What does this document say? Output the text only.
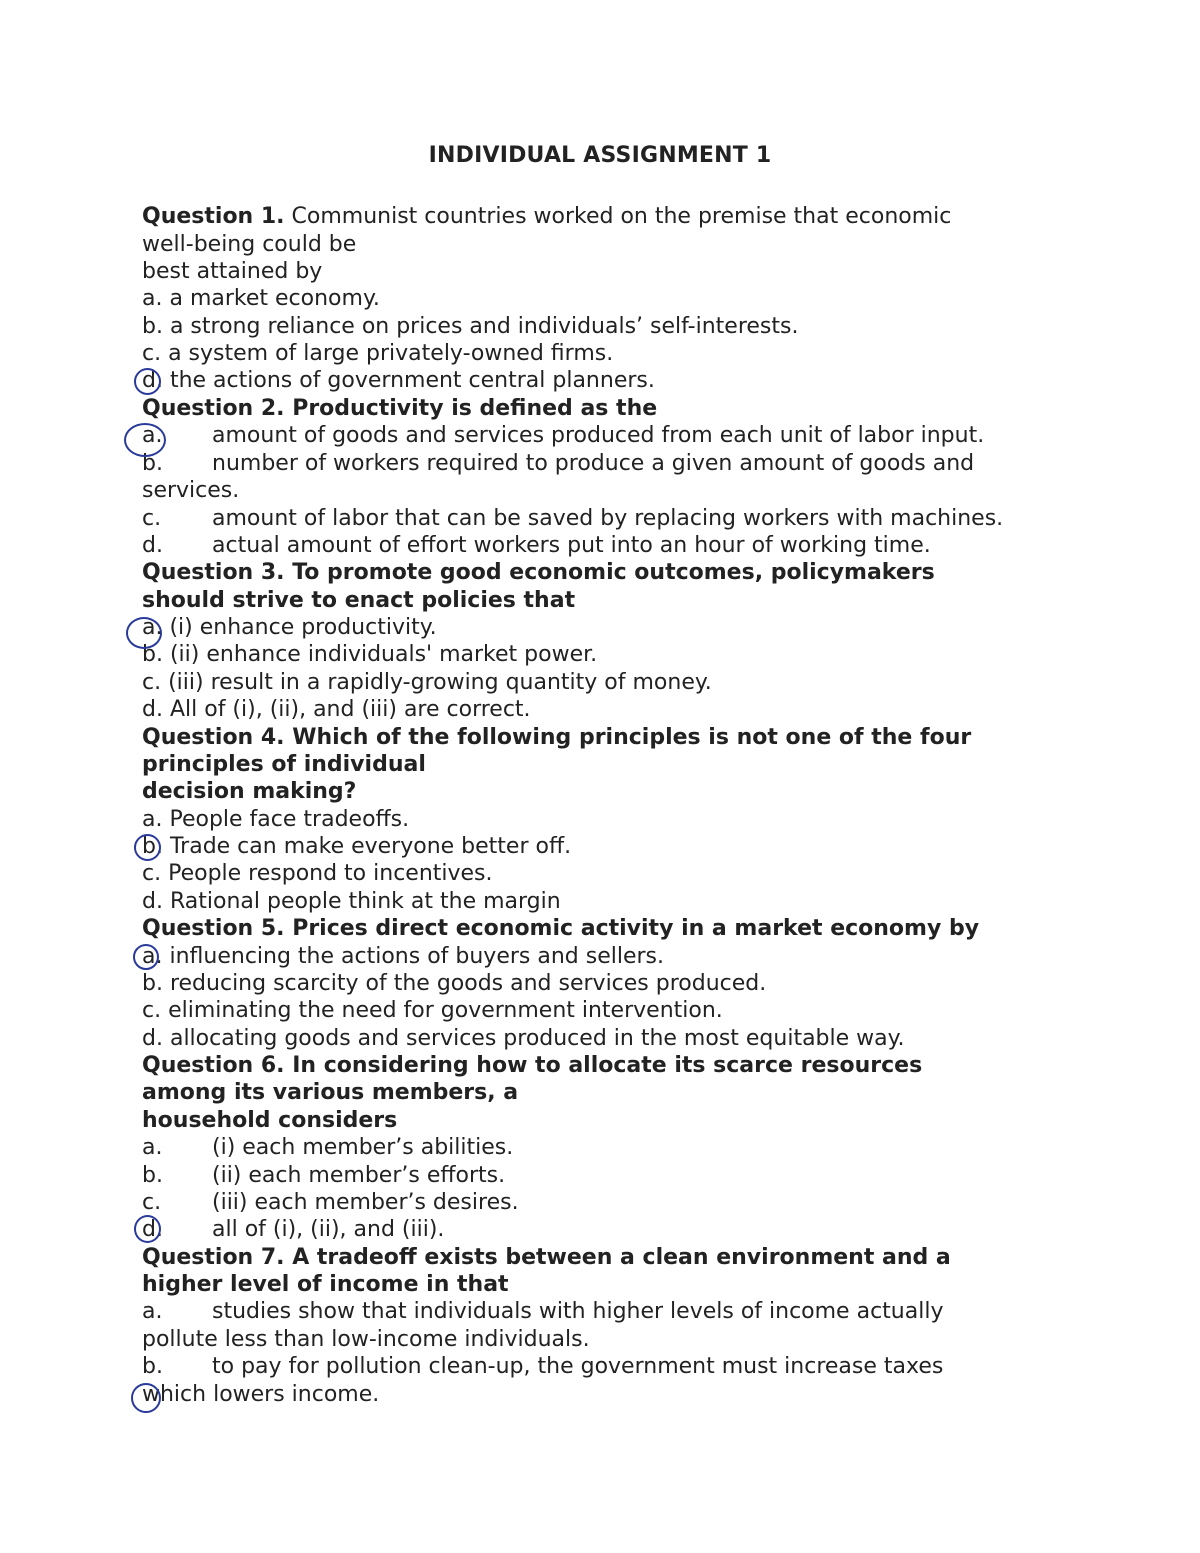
INDIVIDUAL ASSIGNMENT 1
Question 1. Communist countries worked on the premise that economic
well-being could be
best attained by
a. a market economy.
b. a strong reliance on prices and individuals’ self-interests.
c. a system of large privately-owned firms.
d. the actions of government central planners.
Question 2. Productivity is defined as the
a. amount of goods and services produced from each unit of labor input.
b. number of workers required to produce a given amount of goods and
services.
c. amount of labor that can be saved by replacing workers with machines.
d. actual amount of effort workers put into an hour of working time.
Question 3. To promote good economic outcomes, policymakers
should strive to enact policies that
a. (i) enhance productivity.
b. (ii) enhance individuals' market power.
c. (iii) result in a rapidly-growing quantity of money.
d. All of (i), (ii), and (iii) are correct.
Question 4. Which of the following principles is not one of the four
principles of individual
decision making?
a. People face tradeoffs.
b. Trade can make everyone better off.
c. People respond to incentives.
d. Rational people think at the margin
Question 5. Prices direct economic activity in a market economy by
a. influencing the actions of buyers and sellers.
b. reducing scarcity of the goods and services produced.
c. eliminating the need for government intervention.
d. allocating goods and services produced in the most equitable way.
Question 6. In considering how to allocate its scarce resources
among its various members, a
household considers
a. (i) each member’s abilities.
b. (ii) each member’s efforts.
c. (iii) each member’s desires.
d. all of (i), (ii), and (iii).
Question 7. A tradeoff exists between a clean environment and a
higher level of income in that
a. studies show that individuals with higher levels of income actually
pollute less than low-income individuals.
b. to pay for pollution clean-up, the government must increase taxes
which lowers income.
